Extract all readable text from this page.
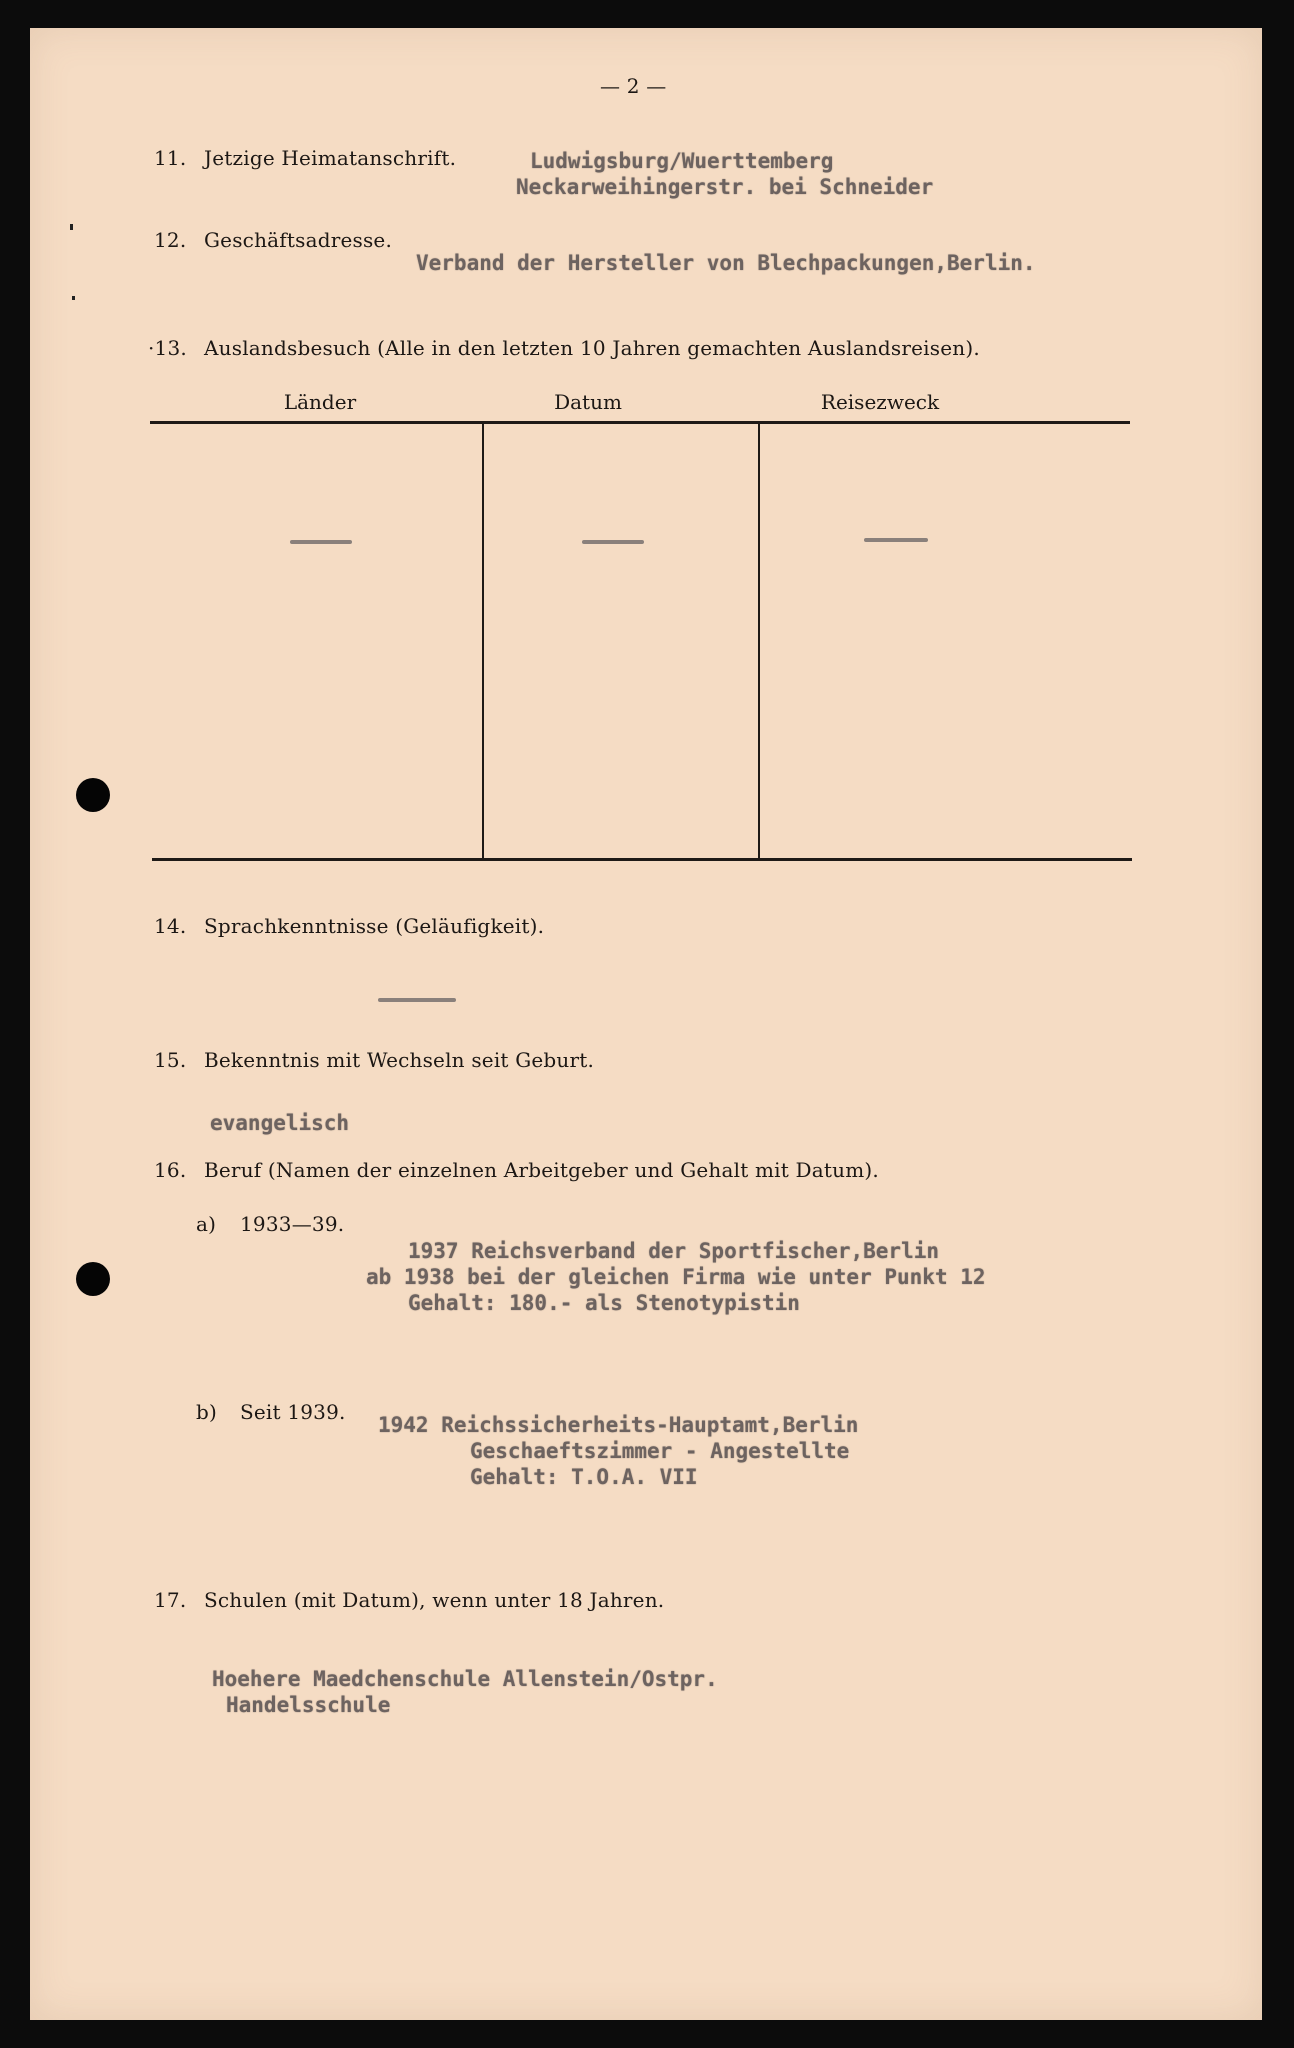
— 2 —
11. Jetzige Heimatanschrift.	Ludwigsburg/Wuerttemberg
Neckarweihingerstr. bei Schneider
12. Geschäftsadresse.
Verband der Hersteller von Blechpackungen,Berlin.
·13. Auslandsbesuch (Alle in den letzten 10 Jahren gemachten Auslandsreisen).
Länder	Datum	Reisezweck
14. Sprachkenntnisse (Geläufigkeit).
15. Bekenntnis mit Wechseln seit Geburt.
evangelisch
16. Beruf (Namen der einzelnen Arbeitgeber und Gehalt mit Datum).
a) 1933—39.
1937 Reichsverband der Sportfischer,Berlin
ab 1938 bei der gleichen Firma wie unter Punkt 12
Gehalt: 180.- als Stenotypistin
b) Seit 1939.
1942 Reichssicherheits-Hauptamt,Berlin
Geschaeftszimmer - Angestellte
Gehalt: T.O.A. VII
17. Schulen (mit Datum), wenn unter 18 Jahren.
Hoehere Maedchenschule Allenstein/Ostpr.
Handelsschule
